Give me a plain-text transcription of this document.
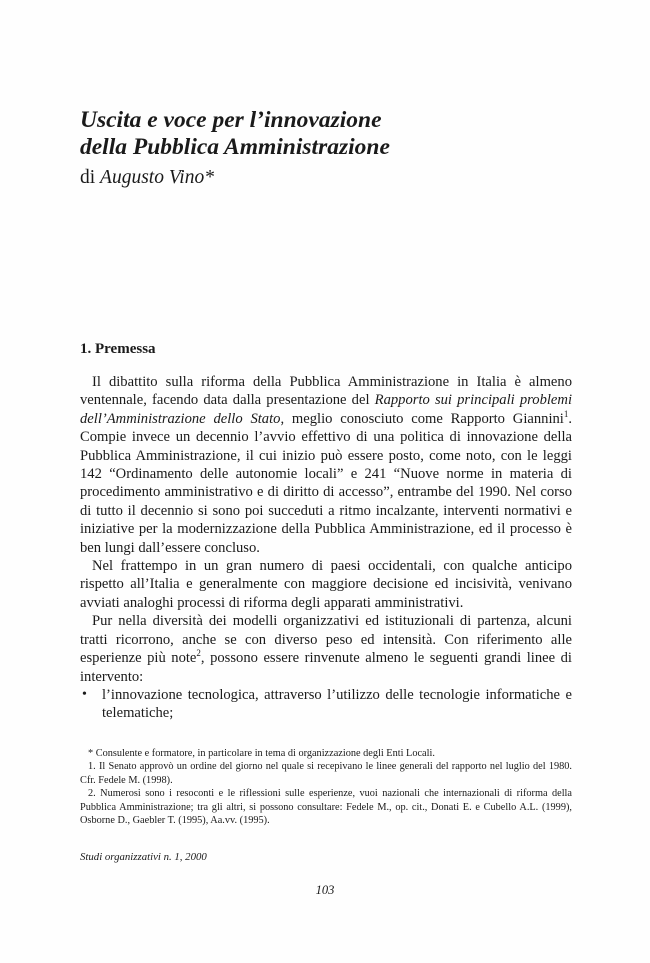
Uscita e voce per l’innovazione
della Pubblica Amministrazione
di Augusto Vino*
1. Premessa

Il dibattito sulla riforma della Pubblica Amministrazione in Italia è almeno ventennale, facendo data dalla presentazione del Rapporto sui principali problemi dell’Amministrazione dello Stato, meglio conosciuto come Rapporto Giannini$^1$. Compie invece un decennio l’avvio effettivo di una politica di innovazione della Pubblica Amministrazione, il cui inizio può essere posto, come noto, con le leggi 142 “Ordinamento delle autonomie locali” e 241 “Nuove norme in materia di procedimento amministrativo e di diritto di accesso”, entrambe del 1990. Nel corso di tutto il decennio si sono poi succeduti a ritmo incalzante, interventi normativi e iniziative per la modernizzazione della Pubblica Amministrazione, ed il processo è ben lungi dall’essere concluso.

Nel frattempo in un gran numero di paesi occidentali, con qualche anticipo rispetto all’Italia e generalmente con maggiore decisione ed incisività, venivano avviati analoghi processi di riforma degli apparati amministrativi.

Pur nella diversità dei modelli organizzativi ed istituzionali di partenza, alcuni tratti ricorrono, anche se con diverso peso ed intensità. Con riferimento alle esperienze più note$^2$, possono essere rinvenute almeno le seguenti grandi linee di intervento:

• l’innovazione tecnologica, attraverso l’utilizzo delle tecnologie informatiche e telematiche;

* Consulente e formatore, in particolare in tema di organizzazione degli Enti Locali.

1. Il Senato approvò un ordine del giorno nel quale si recepivano le linee generali del rapporto nel luglio del 1980. Cfr. Fedele M. (1998).

2. Numerosi sono i resoconti e le riflessioni sulle esperienze, vuoi nazionali che internazionali di riforma della Pubblica Amministrazione; tra gli altri, si possono consultare: Fedele M., op. cit., Donati E. e Cubello A.L. (1999), Osborne D., Gaebler T. (1995), Aa.vv. (1995).

Studi organizzativi n. 1, 2000
103
